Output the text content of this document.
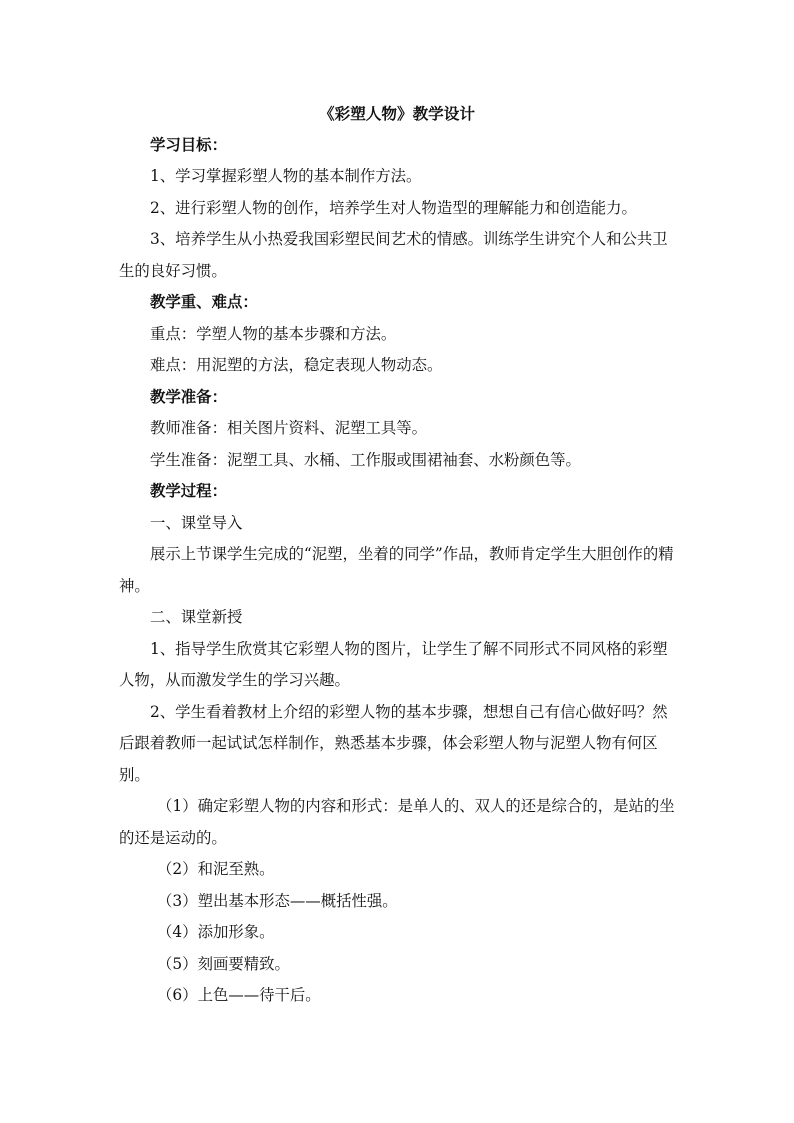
《彩塑人物》教学设计

学习目标：

1、学习掌握彩塑人物的基本制作方法。

2、进行彩塑人物的创作，培养学生对人物造型的理解能力和创造能力。

3、培养学生从小热爱我国彩塑民间艺术的情感。训练学生讲究个人和公共卫生的良好习惯。

教学重、难点：

重点：学塑人物的基本步骤和方法。

难点：用泥塑的方法，稳定表现人物动态。

教学准备：

教师准备：相关图片资料、泥塑工具等。

学生准备：泥塑工具、水桶、工作服或围裙袖套、水粉颜色等。

教学过程：

一、课堂导入

展示上节课学生完成的“泥塑，坐着的同学”作品，教师肯定学生大胆创作的精神。

二、课堂新授

1、指导学生欣赏其它彩塑人物的图片，让学生了解不同形式不同风格的彩塑人物，从而激发学生的学习兴趣。

2、学生看着教材上介绍的彩塑人物的基本步骤，想想自己有信心做好吗？然后跟着教师一起试试怎样制作，熟悉基本步骤，体会彩塑人物与泥塑人物有何区别。

（1）确定彩塑人物的内容和形式：是单人的、双人的还是综合的，是站的坐的还是运动的。

（2）和泥至熟。

（3）塑出基本形态——概括性强。

（4）添加形象。

（5）刻画要精致。

（6）上色——待干后。
